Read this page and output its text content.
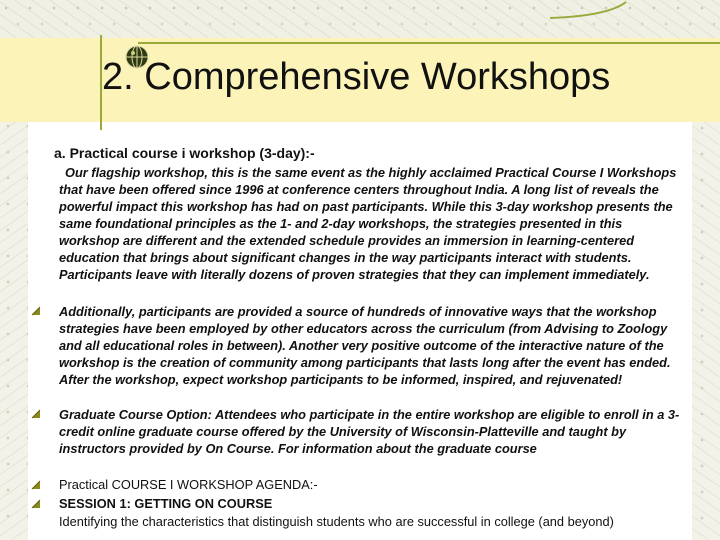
2. Comprehensive Workshops
a. Practical course i workshop (3-day):-

Our flagship workshop, this is the same event as the highly acclaimed Practical Course I Workshops that have been offered since 1996 at conference centers throughout India. A long list of reveals the powerful impact this workshop has had on past participants. While this 3-day workshop presents the same foundational principles as the 1- and 2-day workshops, the strategies presented in this workshop are different and the extended schedule provides an immersion in learning-centered education that brings about significant changes in the way participants interact with students. Participants leave with literally dozens of proven strategies that they can implement immediately.

Additionally, participants are provided a source of hundreds of innovative ways that the workshop strategies have been employed by other educators across the curriculum (from Advising to Zoology and all educational roles in between). Another very positive outcome of the interactive nature of the workshop is the creation of community among participants that lasts long after the event has ended. After the workshop, expect workshop participants to be informed, inspired, and rejuvenated!

Graduate Course Option: Attendees who participate in the entire workshop are eligible to enroll in a 3-credit online graduate course offered by the University of Wisconsin-Platteville and taught by instructors provided by On Course. For information about the graduate course

Practical COURSE I WORKSHOP AGENDA:-

SESSION 1: GETTING ON COURSE

Identifying the characteristics that distinguish students who are successful in college (and beyond)
